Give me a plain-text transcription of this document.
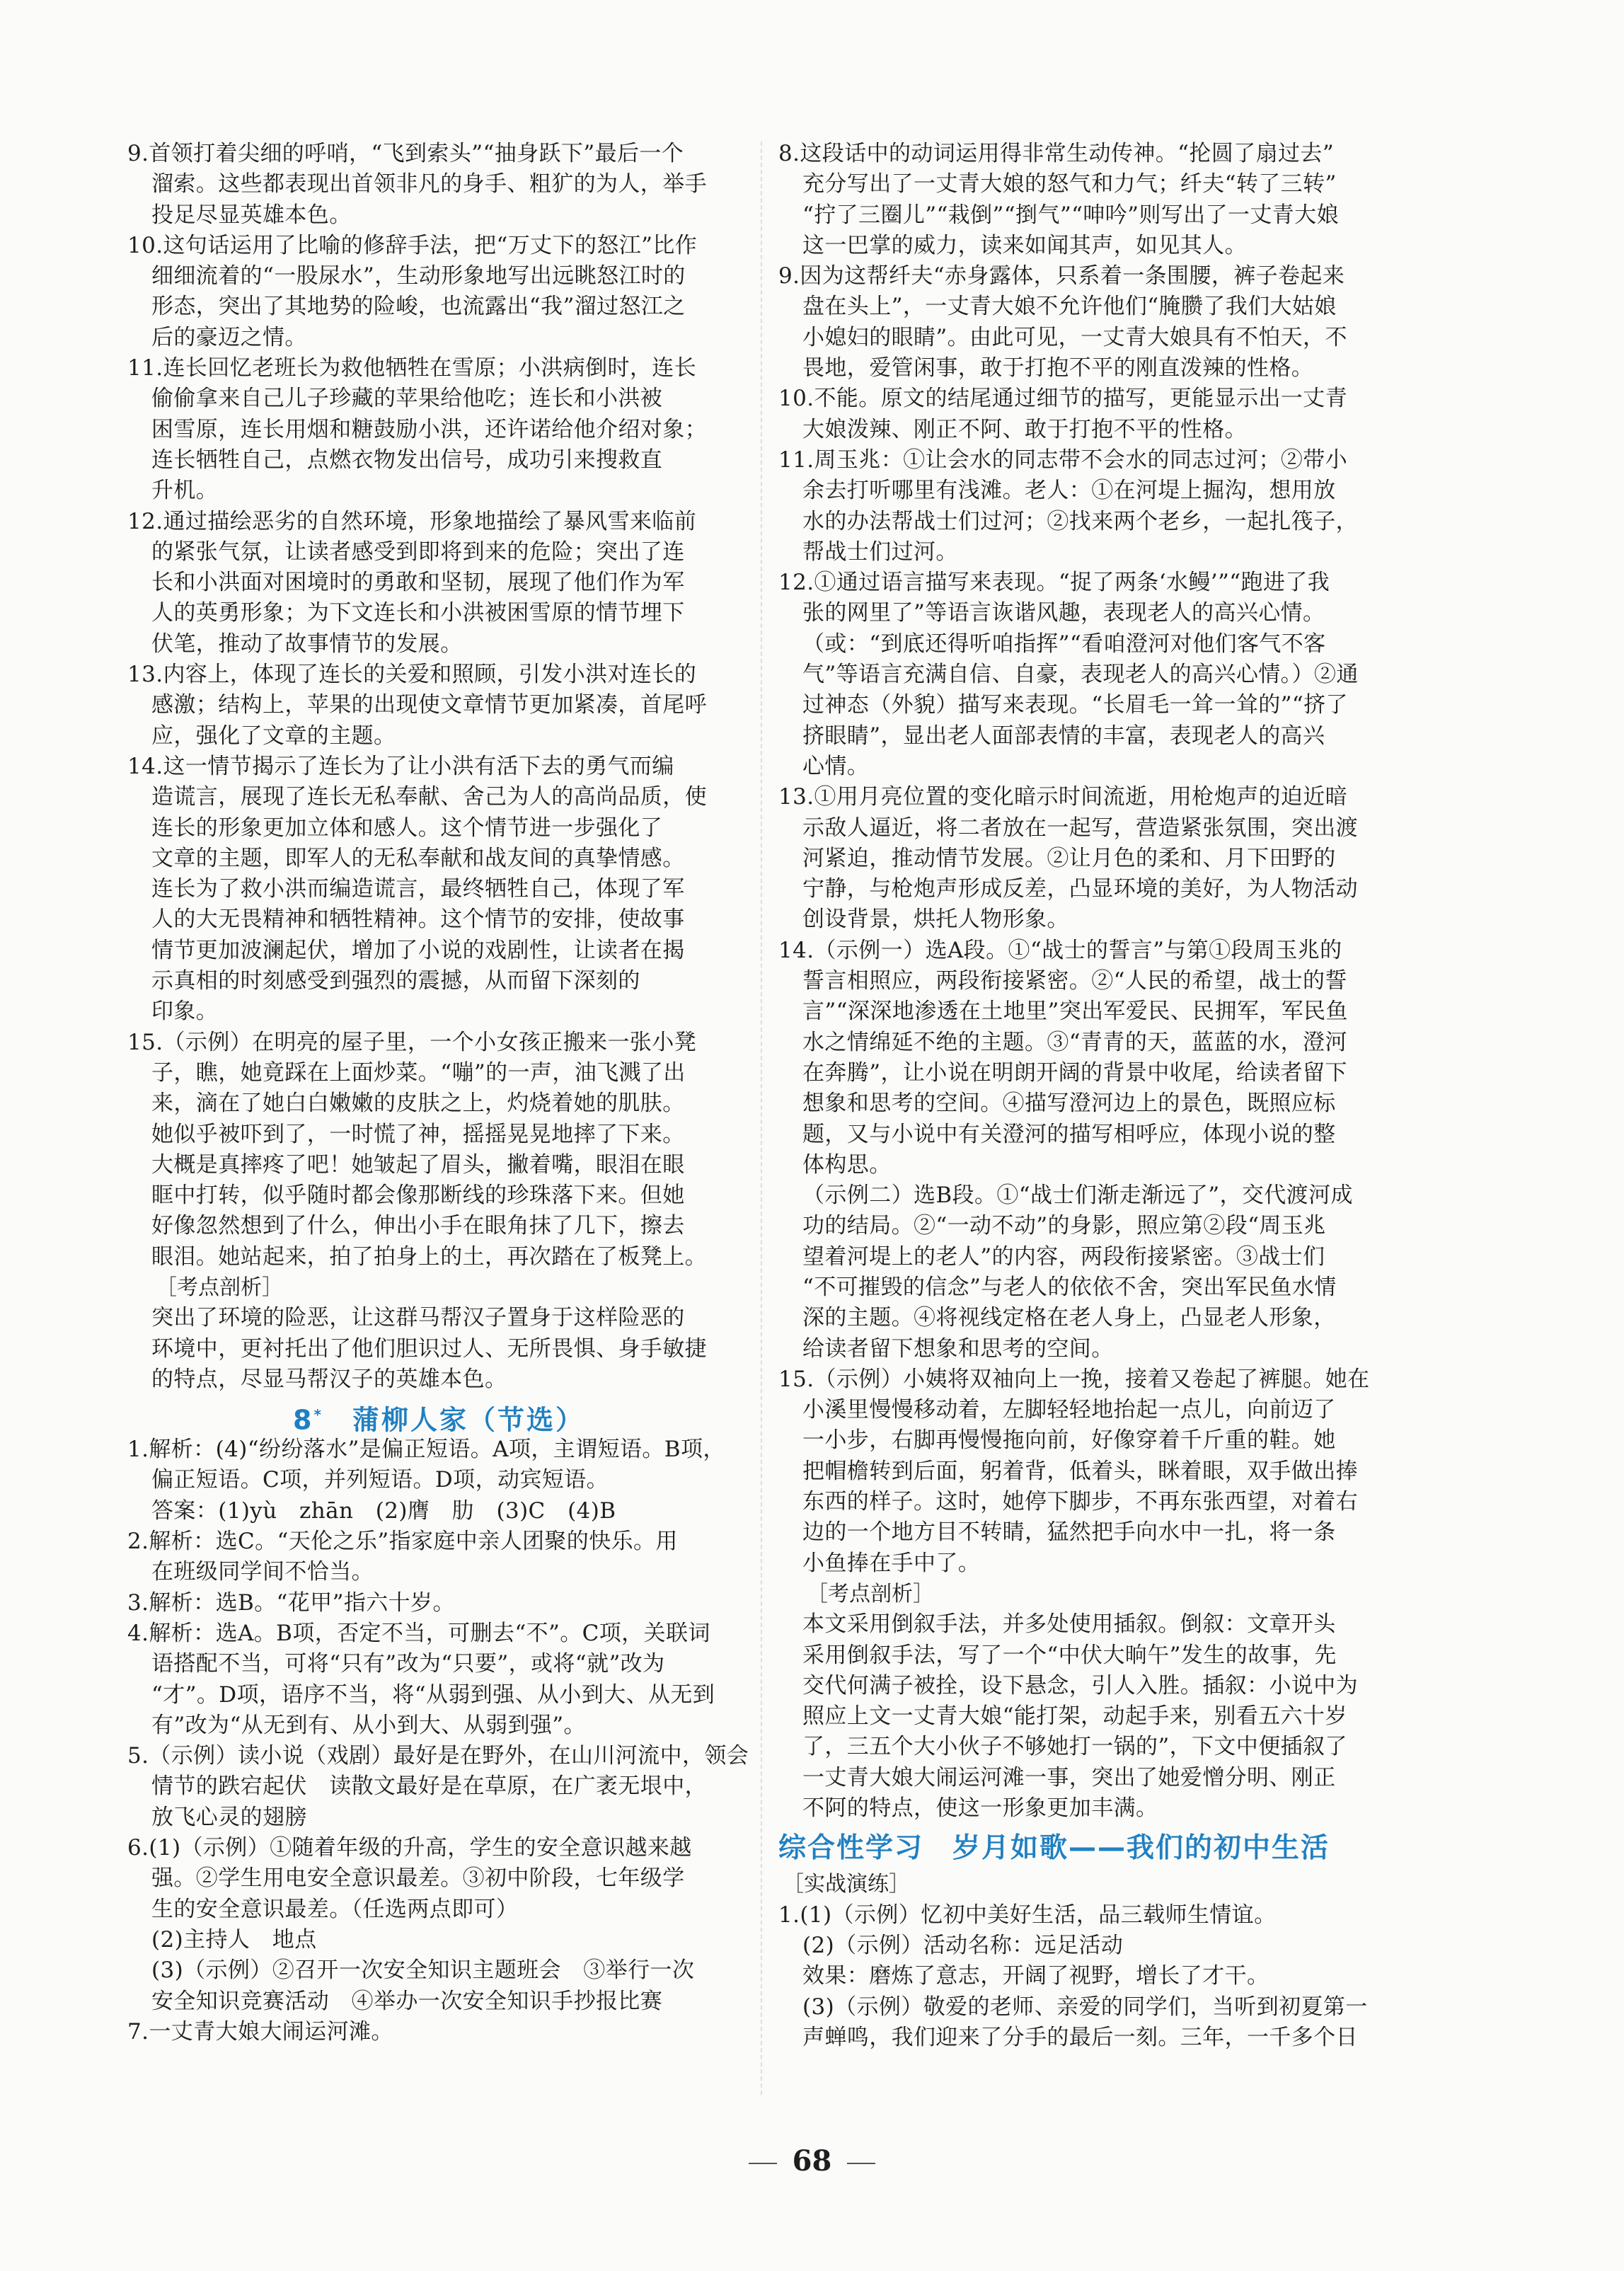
9.首领打着尖细的呼哨，“飞到索头”“抽身跃下”最后一个

溜索。这些都表现出首领非凡的身手、粗犷的为人，举手

投足尽显英雄本色。

10.这句话运用了比喻的修辞手法，把“万丈下的怒江”比作

细细流着的“一股尿水”，生动形象地写出远眺怒江时的

形态，突出了其地势的险峻，也流露出“我”溜过怒江之

后的豪迈之情。

11.连长回忆老班长为救他牺牲在雪原；小洪病倒时，连长

偷偷拿来自己儿子珍藏的苹果给他吃；连长和小洪被

困雪原，连长用烟和糖鼓励小洪，还许诺给他介绍对象；

连长牺牲自己，点燃衣物发出信号，成功引来搜救直

升机。

12.通过描绘恶劣的自然环境，形象地描绘了暴风雪来临前

的紧张气氛，让读者感受到即将到来的危险；突出了连

长和小洪面对困境时的勇敢和坚韧，展现了他们作为军

人的英勇形象；为下文连长和小洪被困雪原的情节埋下

伏笔，推动了故事情节的发展。

13.内容上，体现了连长的关爱和照顾，引发小洪对连长的

感激；结构上，苹果的出现使文章情节更加紧凑，首尾呼

应，强化了文章的主题。

14.这一情节揭示了连长为了让小洪有活下去的勇气而编

造谎言，展现了连长无私奉献、舍己为人的高尚品质，使

连长的形象更加立体和感人。这个情节进一步强化了

文章的主题，即军人的无私奉献和战友间的真挚情感。

连长为了救小洪而编造谎言，最终牺牲自己，体现了军

人的大无畏精神和牺牲精神。这个情节的安排，使故事

情节更加波澜起伏，增加了小说的戏剧性，让读者在揭

示真相的时刻感受到强烈的震撼，从而留下深刻的

印象。

15.（示例）在明亮的屋子里，一个小女孩正搬来一张小凳

子，瞧，她竟踩在上面炒菜。“嘣”的一声，油飞溅了出

来，滴在了她白白嫩嫩的皮肤之上，灼烧着她的肌肤。

她似乎被吓到了，一时慌了神，摇摇晃晃地摔了下来。

大概是真摔疼了吧！她皱起了眉头，撇着嘴，眼泪在眼

眶中打转，似乎随时都会像那断线的珍珠落下来。但她

好像忽然想到了什么，伸出小手在眼角抹了几下，擦去

眼泪。她站起来，拍了拍身上的土，再次踏在了板凳上。

［考点剖析］

突出了环境的险恶，让这群马帮汉子置身于这样险恶的

环境中，更衬托出了他们胆识过人、无所畏惧、身手敏捷

的特点，尽显马帮汉子的英雄本色。

8*　 蒲柳人家（节选）

1.解析：(4)“纷纷落水”是偏正短语。A项，主谓短语。B项，

偏正短语。C项，并列短语。D项，动宾短语。

答案：(1)yù　zhān　(2)膺　肋　(3)C　(4)B

2.解析：选C。“天伦之乐”指家庭中亲人团聚的快乐。用

在班级同学间不恰当。

3.解析：选B。“花甲”指六十岁。

4.解析：选A。B项，否定不当，可删去“不”。C项，关联词

语搭配不当，可将“只有”改为“只要”，或将“就”改为

“才”。D项，语序不当，将“从弱到强、从小到大、从无到

有”改为“从无到有、从小到大、从弱到强”。

5.（示例）读小说（戏剧）最好是在野外，在山川河流中，领会

情节的跌宕起伏　读散文最好是在草原，在广袤无垠中，

放飞心灵的翅膀

6.(1)（示例）①随着年级的升高，学生的安全意识越来越

强。②学生用电安全意识最差。③初中阶段，七年级学

生的安全意识最差。（任选两点即可）

(2)主持人　地点

(3)（示例）②召开一次安全知识主题班会　③举行一次

安全知识竞赛活动　④举办一次安全知识手抄报比赛

7.一丈青大娘大闹运河滩。

8.这段话中的动词运用得非常生动传神。“抡圆了扇过去”

充分写出了一丈青大娘的怒气和力气；纤夫“转了三转”

“拧了三圈儿”“栽倒”“捯气”“呻吟”则写出了一丈青大娘

这一巴掌的威力，读来如闻其声，如见其人。

9.因为这帮纤夫“赤身露体，只系着一条围腰，裤子卷起来

盘在头上”，一丈青大娘不允许他们“腌臜了我们大姑娘

小媳妇的眼睛”。由此可见，一丈青大娘具有不怕天，不

畏地，爱管闲事，敢于打抱不平的刚直泼辣的性格。

10.不能。原文的结尾通过细节的描写，更能显示出一丈青

大娘泼辣、刚正不阿、敢于打抱不平的性格。

11.周玉兆：①让会水的同志带不会水的同志过河；②带小

余去打听哪里有浅滩。老人：①在河堤上掘沟，想用放

水的办法帮战士们过河；②找来两个老乡，一起扎筏子，

帮战士们过河。

12.①通过语言描写来表现。“捉了两条‘水鳗’”“跑进了我

张的网里了”等语言诙谐风趣，表现老人的高兴心情。

（或：“到底还得听咱指挥”“看咱澄河对他们客气不客

气”等语言充满自信、自豪，表现老人的高兴心情。）②通

过神态（外貌）描写来表现。“长眉毛一耸一耸的”“挤了

挤眼睛”，显出老人面部表情的丰富，表现老人的高兴

心情。

13.①用月亮位置的变化暗示时间流逝，用枪炮声的迫近暗

示敌人逼近，将二者放在一起写，营造紧张氛围，突出渡

河紧迫，推动情节发展。②让月色的柔和、月下田野的

宁静，与枪炮声形成反差，凸显环境的美好，为人物活动

创设背景，烘托人物形象。

14.（示例一）选A段。①“战士的誓言”与第①段周玉兆的

誓言相照应，两段衔接紧密。②“人民的希望，战士的誓

言”“深深地渗透在土地里”突出军爱民、民拥军，军民鱼

水之情绵延不绝的主题。③“青青的天，蓝蓝的水，澄河

在奔腾”，让小说在明朗开阔的背景中收尾，给读者留下

想象和思考的空间。④描写澄河边上的景色，既照应标

题，又与小说中有关澄河的描写相呼应，体现小说的整

体构思。

（示例二）选B段。①“战士们渐走渐远了”，交代渡河成

功的结局。②“一动不动”的身影，照应第②段“周玉兆

望着河堤上的老人”的内容，两段衔接紧密。③战士们

“不可摧毁的信念”与老人的依依不舍，突出军民鱼水情

深的主题。④将视线定格在老人身上，凸显老人形象，

给读者留下想象和思考的空间。

15.（示例）小姨将双袖向上一挽，接着又卷起了裤腿。她在

小溪里慢慢移动着，左脚轻轻地抬起一点儿，向前迈了

一小步，右脚再慢慢拖向前，好像穿着千斤重的鞋。她

把帽檐转到后面，躬着背，低着头，眯着眼，双手做出捧

东西的样子。这时，她停下脚步，不再东张西望，对着右

边的一个地方目不转睛，猛然把手向水中一扎，将一条

小鱼捧在手中了。

［考点剖析］

本文采用倒叙手法，并多处使用插叙。倒叙：文章开头

采用倒叙手法，写了一个“中伏大晌午”发生的故事，先

交代何满子被拴，设下悬念，引人入胜。插叙：小说中为

照应上文一丈青大娘“能打架，动起手来，别看五六十岁

了，三五个大小伙子不够她打一锅的”，下文中便插叙了

一丈青大娘大闹运河滩一事，突出了她爱憎分明、刚正

不阿的特点，使这一形象更加丰满。

综合性学习　岁月如歌——我们的初中生活

［实战演练］

1.(1)（示例）忆初中美好生活，品三载师生情谊。

(2)（示例）活动名称：远足活动

效果：磨炼了意志，开阔了视野，增长了才干。

(3)（示例）敬爱的老师、亲爱的同学们，当听到初夏第一

声蝉鸣，我们迎来了分手的最后一刻。三年，一千多个日

68
